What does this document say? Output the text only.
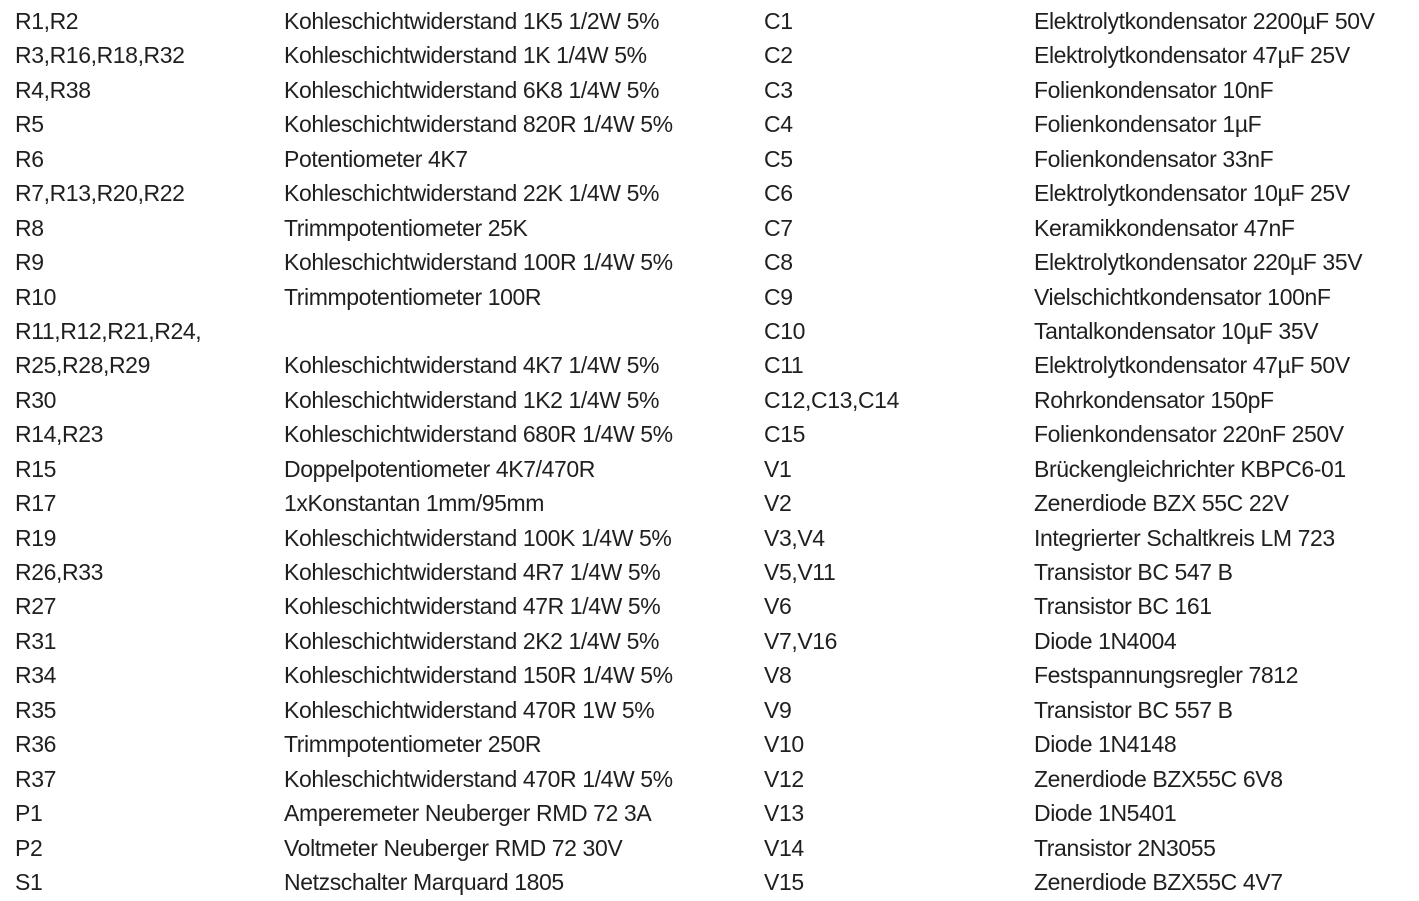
R1,R2	Kohleschichtwiderstand 1K5 1/2W 5%
R3,R16,R18,R32	Kohleschichtwiderstand 1K 1/4W 5%
R4,R38	Kohleschichtwiderstand 6K8 1/4W 5%
R5	Kohleschichtwiderstand 820R 1/4W 5%
R6	Potentiometer 4K7
R7,R13,R20,R22	Kohleschichtwiderstand 22K 1/4W 5%
R8	Trimmpotentiometer 25K
R9	Kohleschichtwiderstand 100R 1/4W 5%
R10	Trimmpotentiometer 100R
R11,R12,R21,R24,
R25,R28,R29	Kohleschichtwiderstand 4K7 1/4W 5%
R30	Kohleschichtwiderstand 1K2 1/4W 5%
R14,R23	Kohleschichtwiderstand 680R 1/4W 5%
R15	Doppelpotentiometer 4K7/470R
R17	1xKonstantan 1mm/95mm
R19	Kohleschichtwiderstand 100K 1/4W 5%
R26,R33	Kohleschichtwiderstand 4R7 1/4W 5%
R27	Kohleschichtwiderstand 47R 1/4W 5%
R31	Kohleschichtwiderstand 2K2 1/4W 5%
R34	Kohleschichtwiderstand 150R 1/4W 5%
R35	Kohleschichtwiderstand 470R 1W 5%
R36	Trimmpotentiometer 250R
R37	Kohleschichtwiderstand 470R 1/4W 5%
P1	Amperemeter Neuberger RMD 72 3A
P2	Voltmeter Neuberger RMD 72 30V
S1	Netzschalter Marquard 1805
C1	Elektrolytkondensator 2200µF 50V
C2	Elektrolytkondensator 47µF 25V
C3	Folienkondensator 10nF
C4	Folienkondensator 1µF
C5	Folienkondensator 33nF
C6	Elektrolytkondensator 10µF 25V
C7	Keramikkondensator 47nF
C8	Elektrolytkondensator 220µF 35V
C9	Vielschichtkondensator 100nF
C10	Tantalkondensator 10µF 35V
C11	Elektrolytkondensator 47µF 50V
C12,C13,C14	Rohrkondensator 150pF
C15	Folienkondensator 220nF 250V
V1	Brückengleichrichter KBPC6-01
V2	Zenerdiode BZX 55C 22V
V3,V4	Integrierter Schaltkreis LM 723
V5,V11	Transistor BC 547 B
V6	Transistor BC 161
V7,V16	Diode 1N4004
V8	Festspannungsregler 7812
V9	Transistor BC 557 B
V10	Diode 1N4148
V12	Zenerdiode BZX55C 6V8
V13	Diode 1N5401
V14	Transistor 2N3055
V15	Zenerdiode BZX55C 4V7
